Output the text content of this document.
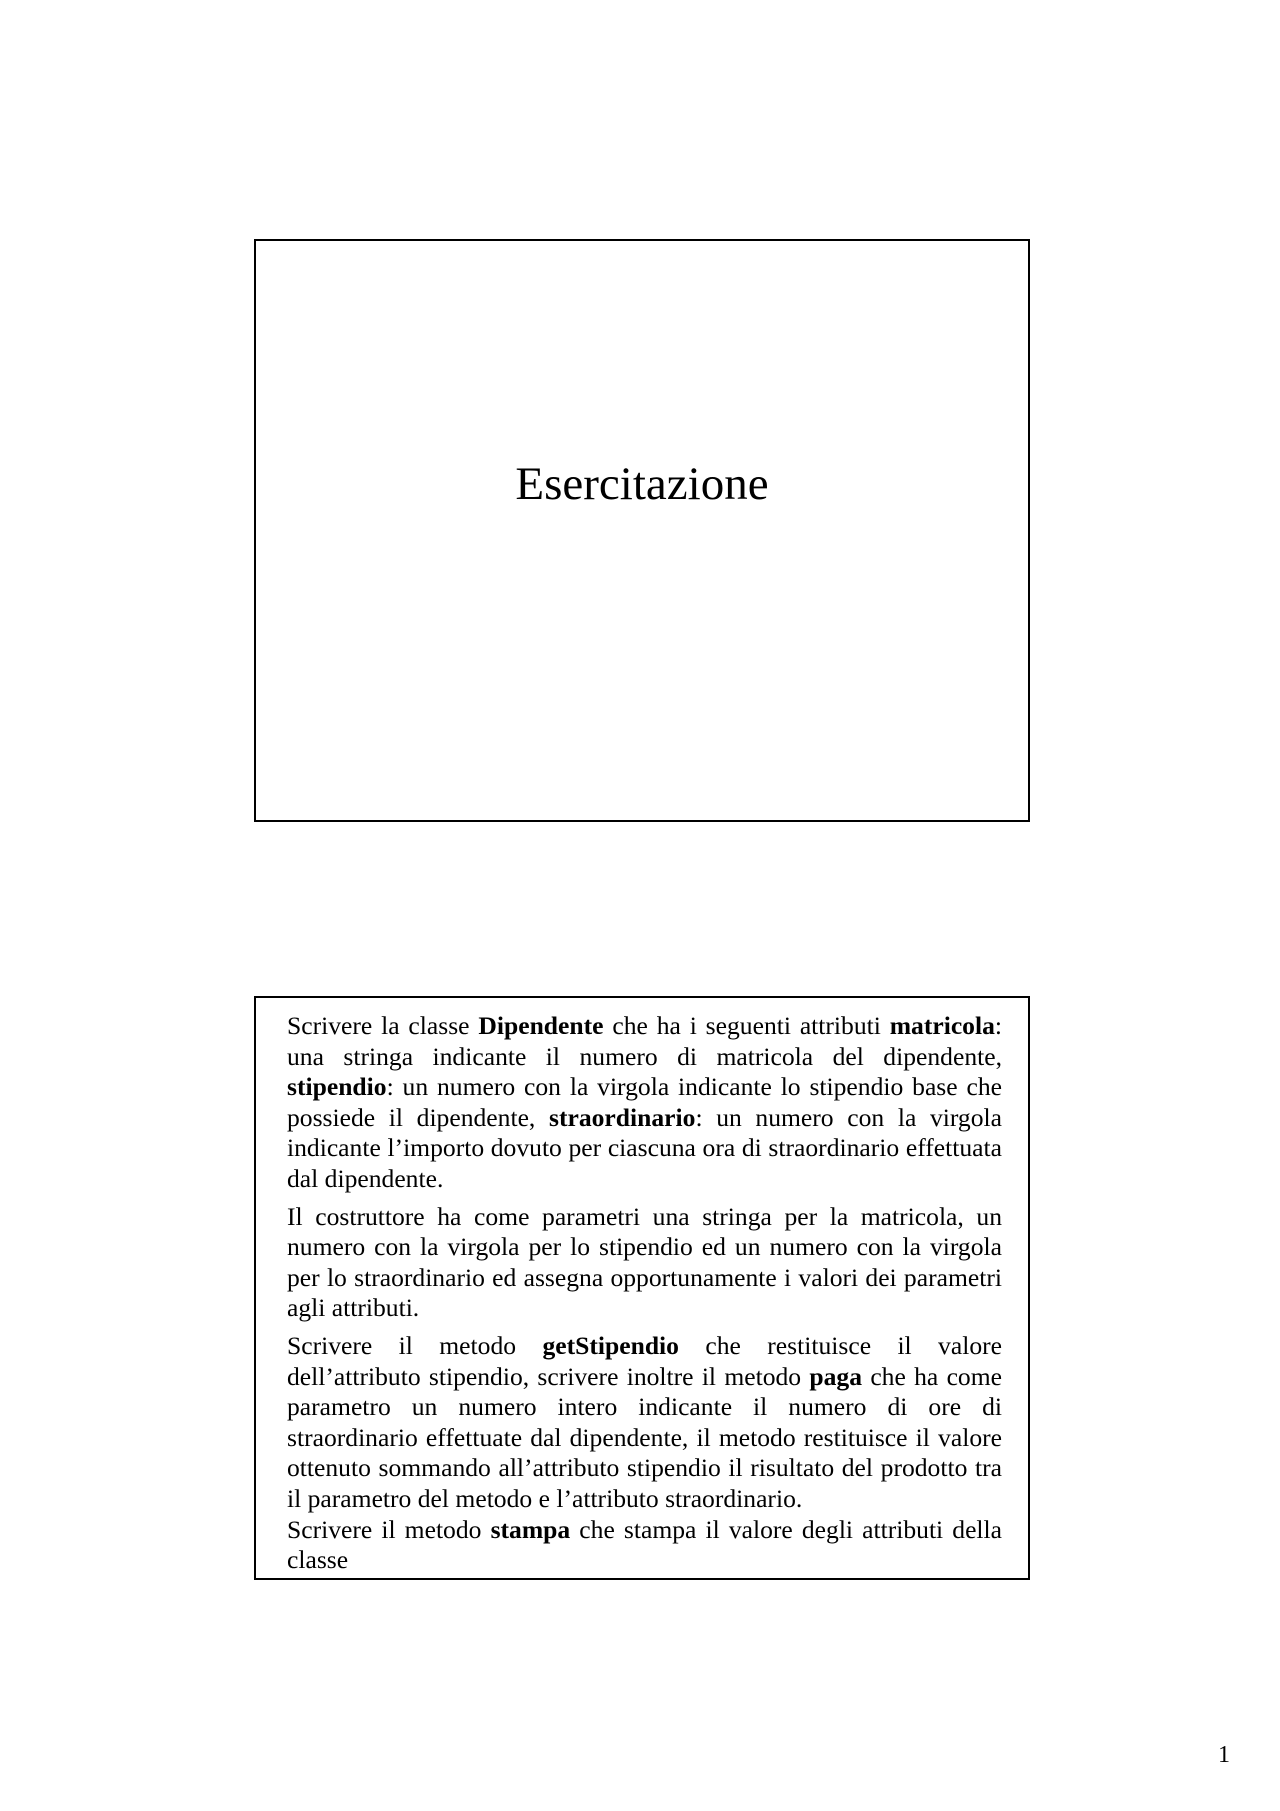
Esercitazione

Scrivere la classe Dipendente che ha i seguenti attributi matricola: una stringa indicante il numero di matricola del dipendente, stipendio: un numero con la virgola indicante lo stipendio base che possiede il dipendente, straordinario: un numero con la virgola indicante l’importo dovuto per ciascuna ora di straordinario effettuata dal dipendente.

Il costruttore ha come parametri una stringa per la matricola, un numero con la virgola per lo stipendio ed un numero con la virgola per lo straordinario ed assegna opportunamente i valori dei parametri agli attributi.

Scrivere il metodo getStipendio che restituisce il valore dell’attributo stipendio, scrivere inoltre il metodo paga che ha come parametro un numero intero indicante il numero di ore di straordinario effettuate dal dipendente, il metodo restituisce il valore ottenuto sommando all’attributo stipendio il risultato del prodotto tra il parametro del metodo e l’attributo straordinario.

Scrivere il metodo stampa che stampa il valore degli attributi della classe

1
